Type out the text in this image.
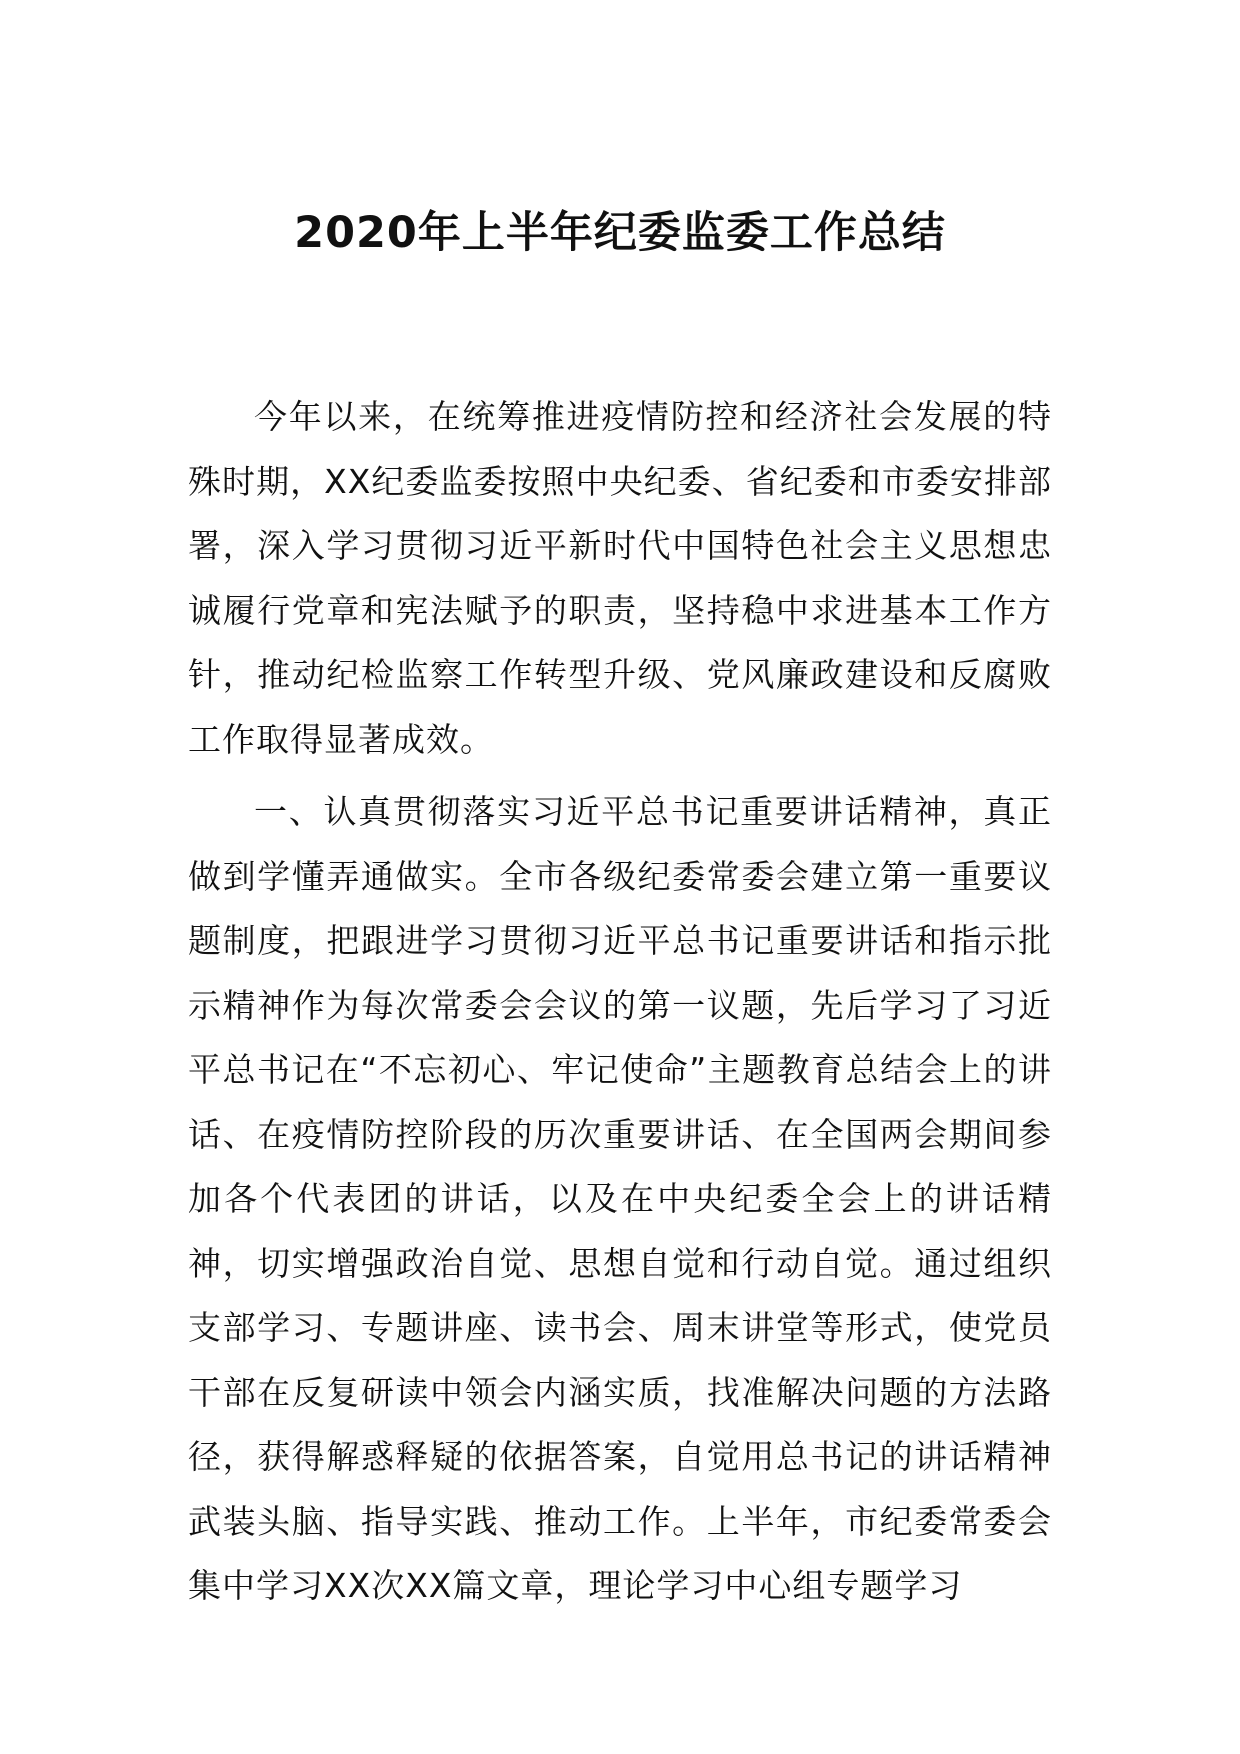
2020年上半年纪委监委工作总结

今年以来，在统筹推进疫情防控和经济社会发展的特殊时期，XX纪委监委按照中央纪委、省纪委和市委安排部署，深入学习贯彻习近平新时代中国特色社会主义思想忠诚履行党章和宪法赋予的职责，坚持稳中求进基本工作方针，推动纪检监察工作转型升级、党风廉政建设和反腐败工作取得显著成效。

一、认真贯彻落实习近平总书记重要讲话精神，真正做到学懂弄通做实。全市各级纪委常委会建立第一重要议题制度，把跟进学习贯彻习近平总书记重要讲话和指示批示精神作为每次常委会会议的第一议题，先后学习了习近平总书记在“不忘初心、牢记使命”主题教育总结会上的讲话、在疫情防控阶段的历次重要讲话、在全国两会期间参加各个代表团的讲话，以及在中央纪委全会上的讲话精神，切实增强政治自觉、思想自觉和行动自觉。通过组织支部学习、专题讲座、读书会、周末讲堂等形式，使党员干部在反复研读中领会内涵实质，找准解决问题的方法路径，获得解惑释疑的依据答案，自觉用总书记的讲话精神武装头脑、指导实践、推动工作。上半年，市纪委常委会集中学习XX次XX篇文章，理论学习中心组专题学习
